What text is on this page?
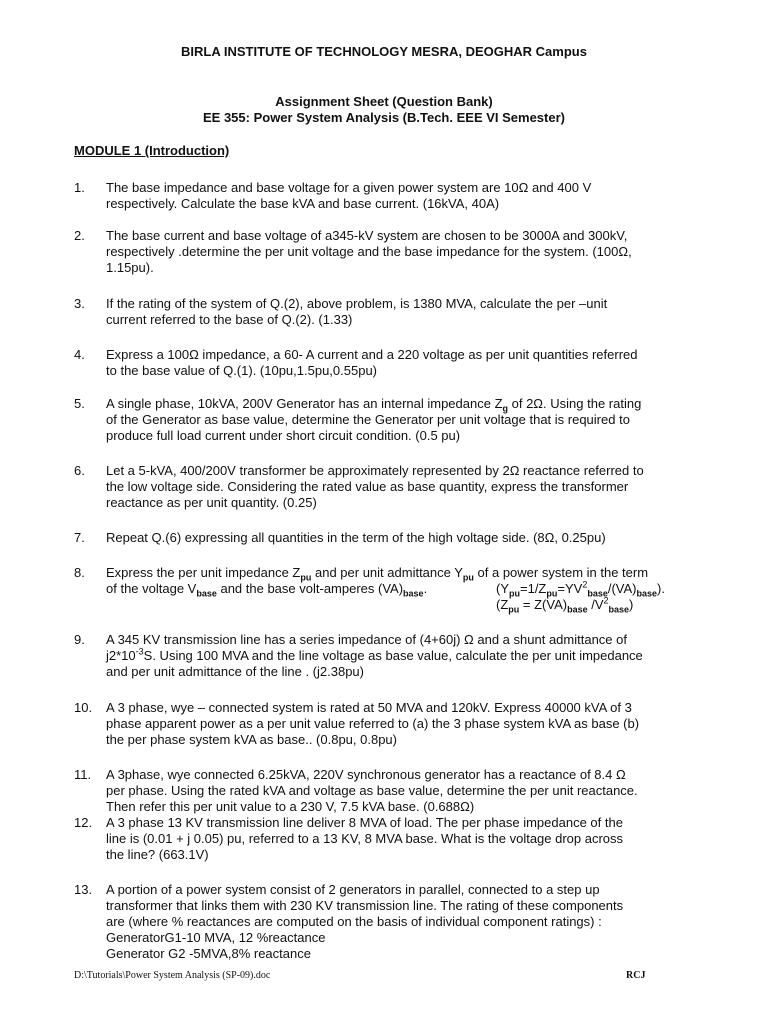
BIRLA INSTITUTE OF TECHNOLOGY MESRA, DEOGHAR Campus
Assignment Sheet (Question Bank)
EE 355: Power System Analysis (B.Tech. EEE VI Semester)
MODULE 1 (Introduction)
1.	The base impedance and base voltage for a given power system are 10Ω and 400 V
respectively. Calculate the base kVA and base current. (16kVA, 40A)
2.	The base current and base voltage of a345-kV system are chosen to be 3000A and 300kV,
respectively .determine the per unit voltage and the base impedance for the system. (100Ω,
1.15pu).
3.	If the rating of the system of Q.(2), above problem, is 1380 MVA, calculate the per –unit
current referred to the base of Q.(2). (1.33)
4.	Express a 100Ω impedance, a 60- A current and a 220 voltage as per unit quantities referred
to the base value of Q.(1). (10pu,1.5pu,0.55pu)
5.	A single phase, 10kVA, 200V Generator has an internal impedance $Z_g$ of 2Ω. Using the rating
of the Generator as base value, determine the Generator per unit voltage that is required to
produce full load current under short circuit condition. (0.5 pu)
6.	Let a 5-kVA, 400/200V transformer be approximately represented by 2Ω reactance referred to
the low voltage side. Considering the rated value as base quantity, express the transformer
reactance as per unit quantity. (0.25)
7.	Repeat Q.(6) expressing all quantities in the term of the high voltage side. (8Ω, 0.25pu)
8.	Express the per unit impedance $Z_{pu}$ and per unit admittance $Y_{pu}$ of a power system in the term
of the voltage $V_{base}$ and the base volt-amperes $(VA)_{base}$.	$(Y_{pu}=1/Z_{pu}=YV^2_{base}/(VA)_{base})$.
($Z_{pu} = Z(VA)_{base}$ $/V^2_{base}$)
9.	A 345 KV transmission line has a series impedance of (4+60j) Ω and a shunt admittance of
$j2*10^{-3}S$. Using 100 MVA and the line voltage as base value, calculate the per unit impedance
and per unit admittance of the line . (j2.38pu)
10.	A 3 phase, wye – connected system is rated at 50 MVA and 120kV. Express 40000 kVA of 3
phase apparent power as a per unit value referred to (a) the 3 phase system kVA as base (b)
the per phase system kVA as base.. (0.8pu, 0.8pu)
11.	A 3phase, wye connected 6.25kVA, 220V synchronous generator has a reactance of 8.4 Ω
per phase. Using the rated kVA and voltage as base value, determine the per unit reactance.
Then refer this per unit value to a 230 V, 7.5 kVA base. (0.688Ω)
12.	A 3 phase 13 KV transmission line deliver 8 MVA of load. The per phase impedance of the
line is (0.01 + j 0.05) pu, referred to a 13 KV, 8 MVA base. What is the voltage drop across
the line? (663.1V)
13.	A portion of a power system consist of 2 generators in parallel, connected to a step up
transformer that links them with 230 KV transmission line. The rating of these components
are (where % reactances are computed on the basis of individual component ratings) :
GeneratorG1-10 MVA, 12 %reactance
Generator G2 -5MVA,8% reactance
D:\Tutorials\Power System Analysis (SP-09).doc	RCJ
